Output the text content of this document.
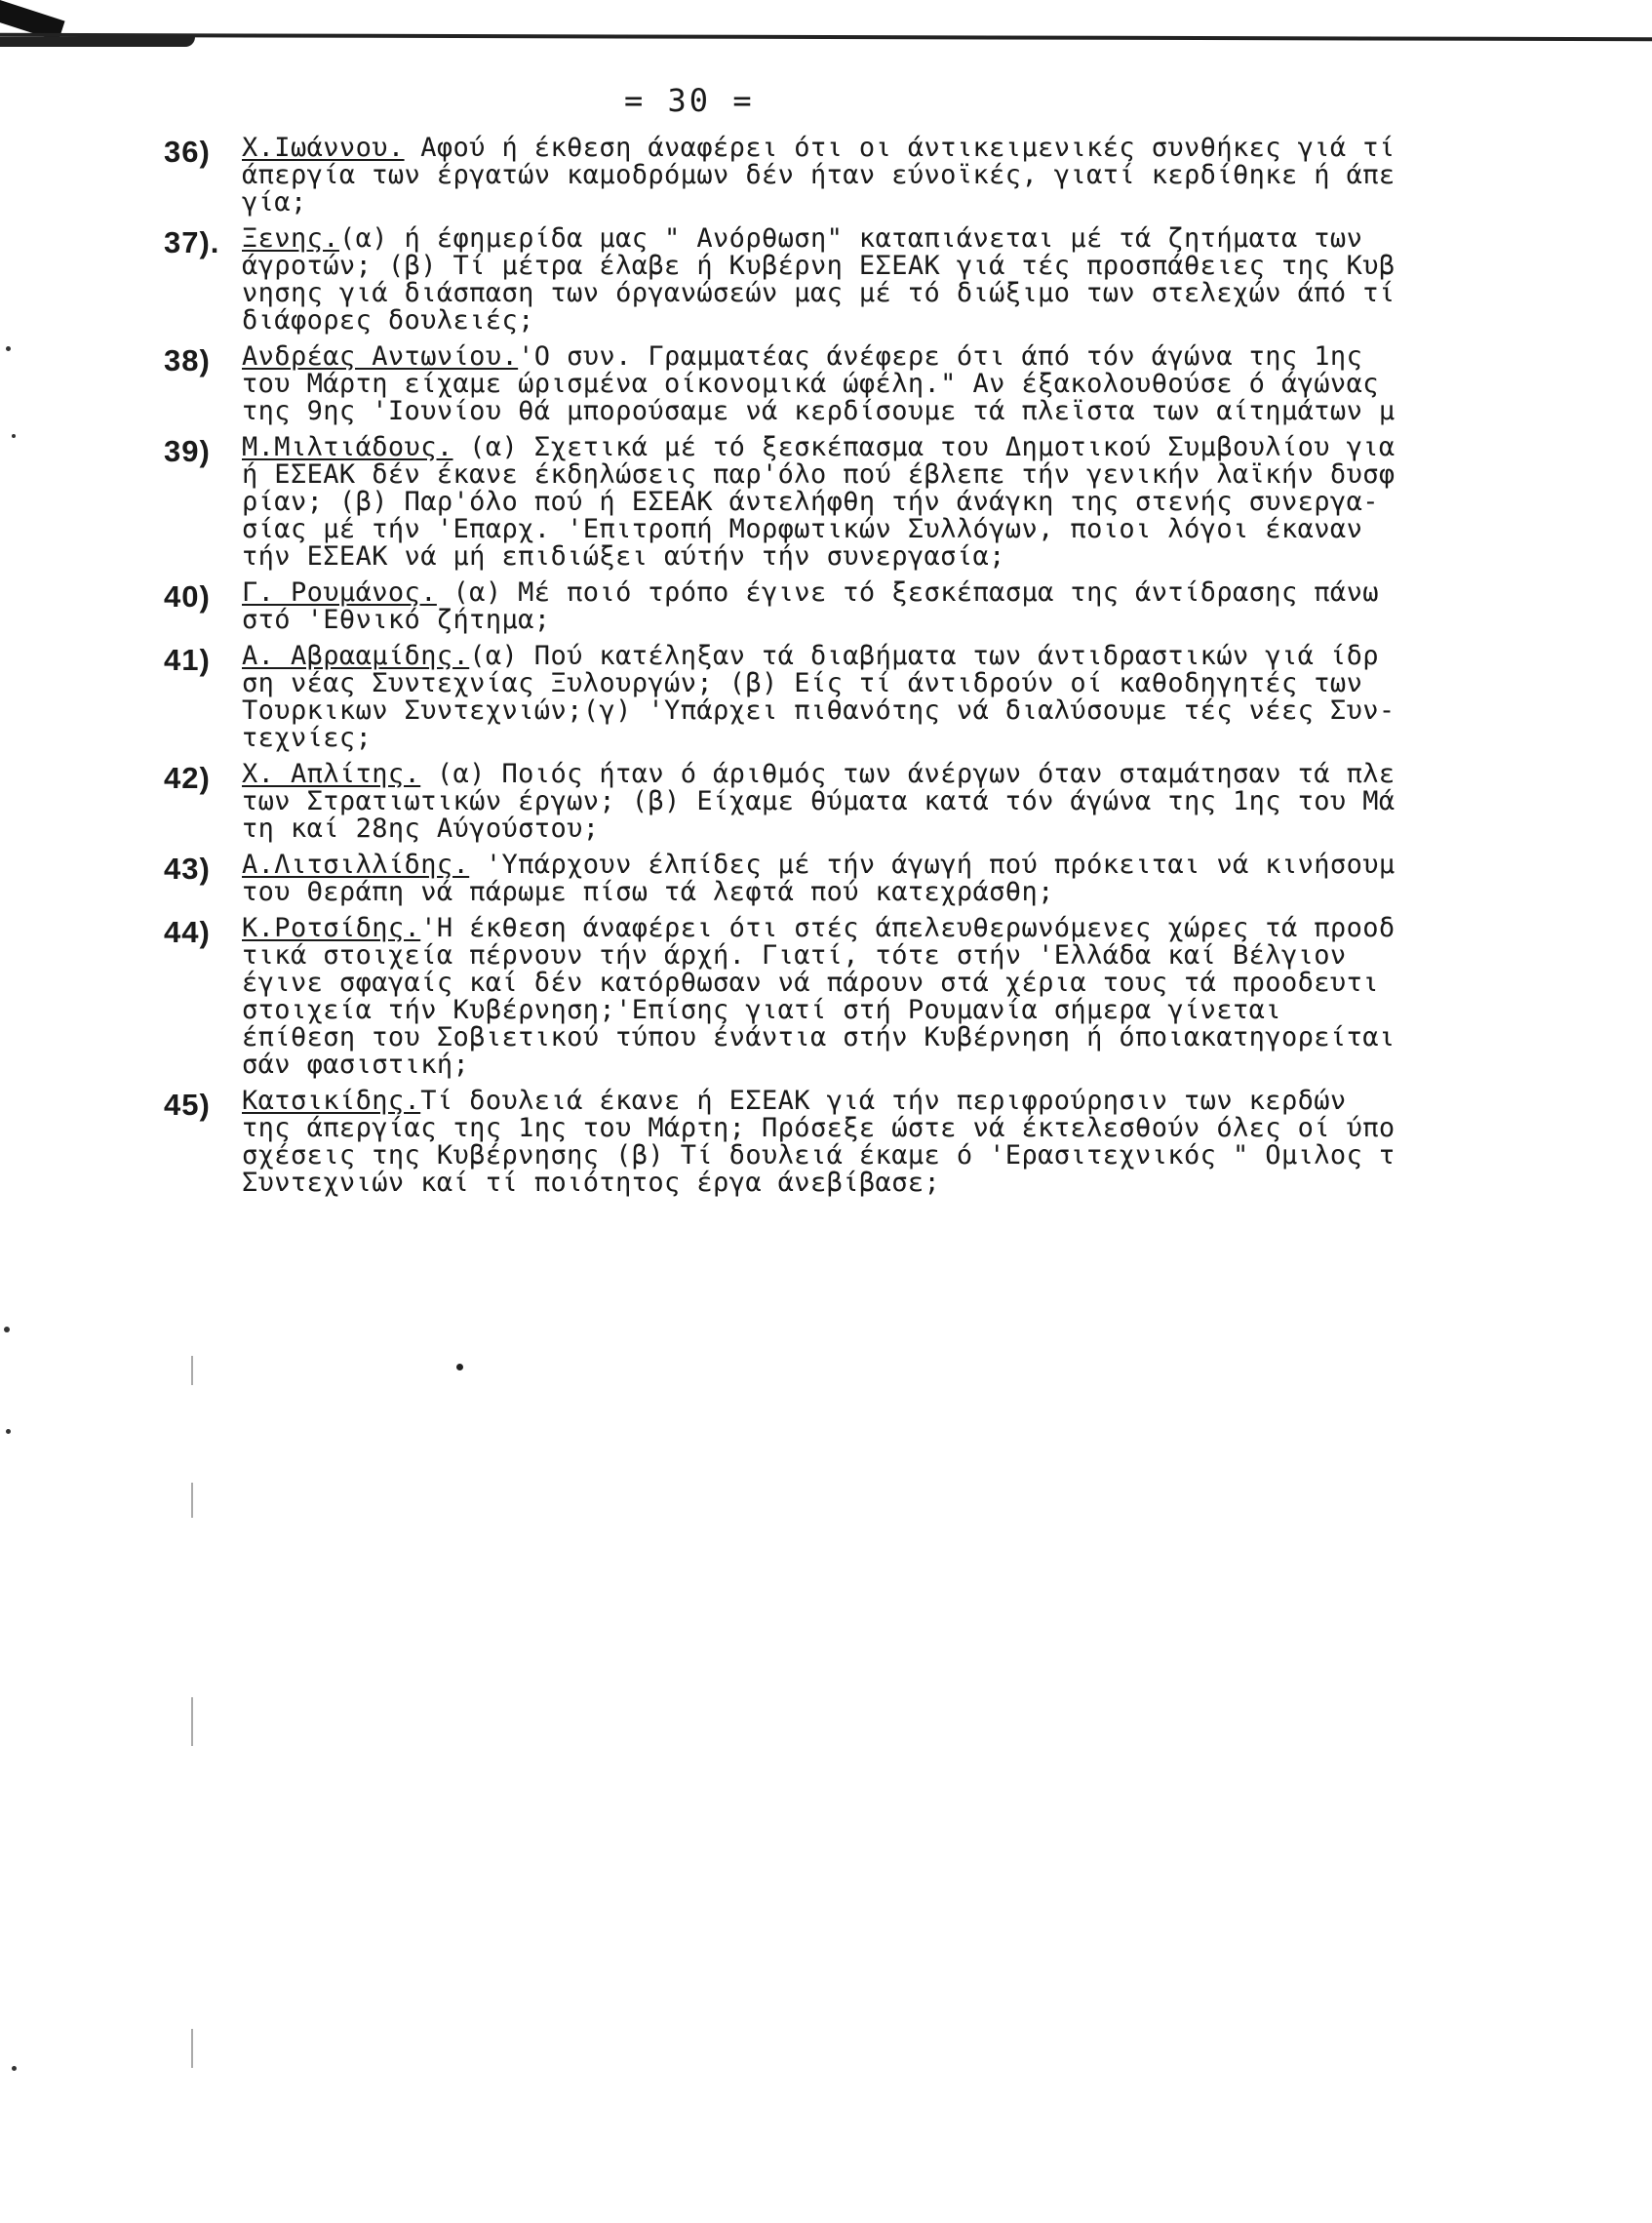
= 30 =
36) Χ.Ιωάννου. Αφού ή έκθεση άναφέρει ότι οι άντικειμενικές συνθήκες γιά τί
άπεργία των έργατών καμοδρόμων δέν ήταν εύνοϊκές, γιατί κερδίθηκε ή άπε
γία;
37). Ξενης.(α) ή έφημερίδα μας " Ανόρθωση" καταπιάνεται μέ τά ζητήματα των
άγροτών; (β) Τί μέτρα έλαβε ή Κυβέρνη ΕΣΕΑΚ γιά τές προσπάθειες της Κυβ
νησης γιά διάσπαση των όργανώσεών μας μέ τό διώξιμο των στελεχών άπό τί
διάφορες δουλειές;
38) Ανδρέας Αντωνίου.'Ο συν. Γραμματέας άνέφερε ότι άπό τόν άγώνα της 1ης
του Μάρτη είχαμε ώρισμένα οίκονομικά ώφέλη." Αν έξακολουθούσε ό άγώνας
της 9ης 'Ιουνίου θά μπορούσαμε νά κερδίσουμε τά πλεϊστα των αίτημάτων μ
39) Μ.Μιλτιάδους. (α) Σχετικά μέ τό ξεσκέπασμα του Δημοτικού Συμβουλίου για
ή ΕΣΕΑΚ δέν έκανε έκδηλώσεις παρ'όλο πού έβλεπε τήν γενικήν λαϊκήν δυσφ
ρίαν; (β) Παρ'όλο πού ή ΕΣΕΑΚ άντελήφθη τήν άνάγκη της στενής συνεργα-
σίας μέ τήν 'Επαρχ. 'Επιτροπή Μορφωτικών Συλλόγων, ποιοι λόγοι έκαναν
τήν ΕΣΕΑΚ νά μή επιδιώξει αύτήν τήν συνεργασία;
40) Γ. Ρουμάνος. (α) Μέ ποιό τρόπο έγινε τό ξεσκέπασμα της άντίδρασης πάνω
στό 'Εθνικό ζήτημα;
41) Α. Αβρααμίδης.(α) Πού κατέληξαν τά διαβήματα των άντιδραστικών γιά ίδρ
ση νέας Συντεχνίας Ξυλουργών; (β) Είς τί άντιδρούν οί καθοδηγητές των
Τουρκικων Συντεχνιών;(γ) 'Υπάρχει πιθανότης νά διαλύσουμε τές νέες Συν-
τεχνίες;
42) Χ. Απλίτης. (α) Ποιός ήταν ό άριθμός των άνέργων όταν σταμάτησαν τά πλε
των Στρατιωτικών έργων; (β) Είχαμε θύματα κατά τόν άγώνα της 1ης του Μά
τη καί 28ης Αύγούστου;
43) Α.Λιτσιλλίδης. 'Υπάρχουν έλπίδες μέ τήν άγωγή πού πρόκειται νά κινήσουμ
του Θεράπη νά πάρωμε πίσω τά λεφτά πού κατεχράσθη;
44) Κ.Ροτσίδης.'Η έκθεση άναφέρει ότι στές άπελευθερωνόμενες χώρες τά προοδ
τικά στοιχεία πέρνουν τήν άρχή. Γιατί, τότε στήν 'Ελλάδα καί Βέλγιον
έγινε σφαγαίς καί δέν κατόρθωσαν νά πάρουν στά χέρια τους τά προοδευτι
στοιχεία τήν Κυβέρνηση;'Επίσης γιατί στή Ρουμανία σήμερα γίνεται
έπίθεση του Σοβιετικού τύπου ένάντια στήν Κυβέρνηση ή όποιακατηγορείται
σάν φασιστική;
45) Κατσικίδης.Τί δουλειά έκανε ή ΕΣΕΑΚ γιά τήν περιφρούρησιν των κερδών
της άπεργίας της 1ης του Μάρτη; Πρόσεξε ώστε νά έκτελεσθούν όλες οί ύπο
σχέσεις της Κυβέρνησης (β) Τί δουλειά έκαμε ό 'Ερασιτεχνικός " Ομιλος τ
Συντεχνιών καί τί ποιότητος έργα άνεβίβασε;
